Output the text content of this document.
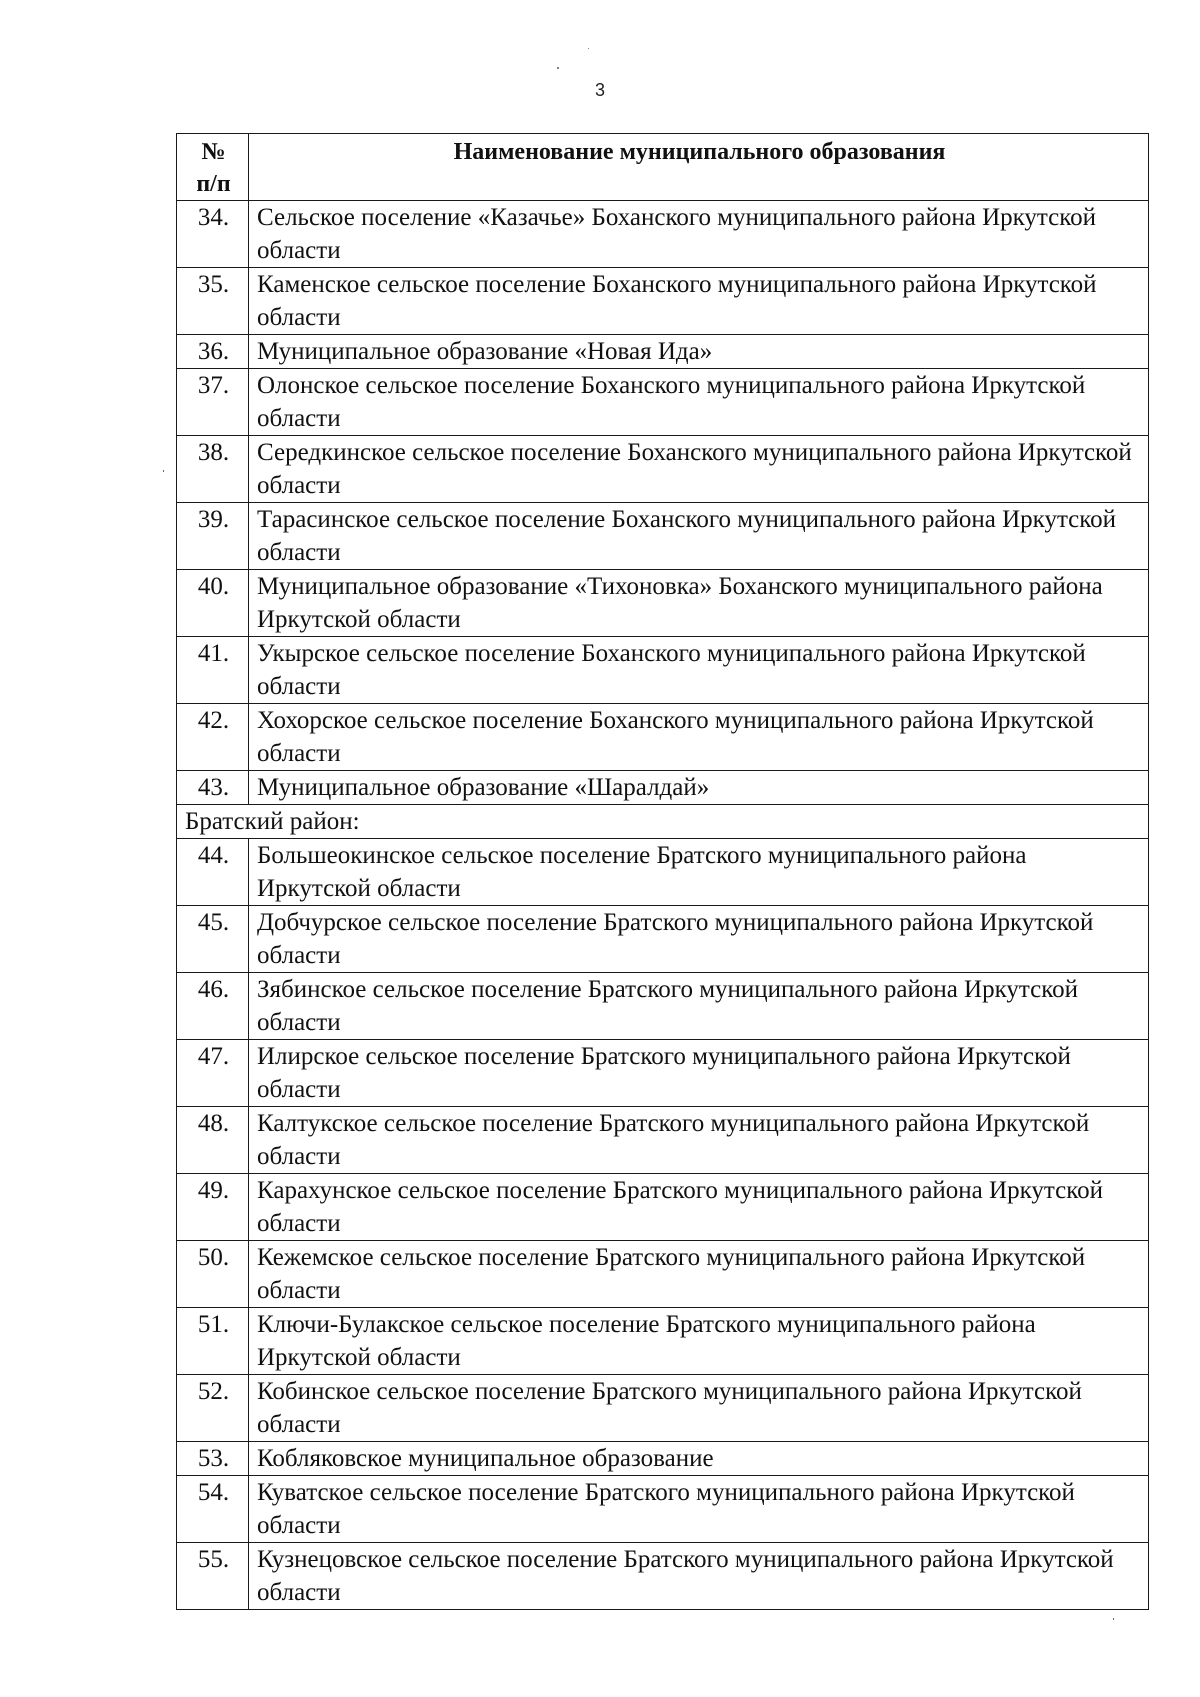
3
№
п/п	Наименование муниципального образования
34.	Сельское поселение «Казачье» Боханского муниципального района Иркутской области
35.	Каменское сельское поселение Боханского муниципального района Иркутской области
36.	Муниципальное образование «Новая Ида»
37.	Олонское сельское поселение Боханского муниципального района Иркутской области
38.	Середкинское сельское поселение Боханского муниципального района Иркутской области
39.	Тарасинское сельское поселение Боханского муниципального района Иркутской области
40.	Муниципальное образование «Тихоновка» Боханского муниципального района Иркутской области
41.	Укырское сельское поселение Боханского муниципального района Иркутской области
42.	Хохорское сельское поселение Боханского муниципального района Иркутской области
43.	Муниципальное образование «Шаралдай»
Братский район:	
44.	Большеокинское сельское поселение Братского муниципального района Иркутской области
45.	Добчурское сельское поселение Братского муниципального района Иркутской области
46.	Зябинское сельское поселение Братского муниципального района Иркутской области
47.	Илирское сельское поселение Братского муниципального района Иркутской области
48.	Калтукское сельское поселение Братского муниципального района Иркутской области
49.	Карахунское сельское поселение Братского муниципального района Иркутской области
50.	Кежемское сельское поселение Братского муниципального района Иркутской области
51.	Ключи-Булакское сельское поселение Братского муниципального района Иркутской области
52.	Кобинское сельское поселение Братского муниципального района Иркутской области
53.	Кобляковское муниципальное образование
54.	Куватское сельское поселение Братского муниципального района Иркутской области
55.	Кузнецовское сельское поселение Братского муниципального района Иркутской области
